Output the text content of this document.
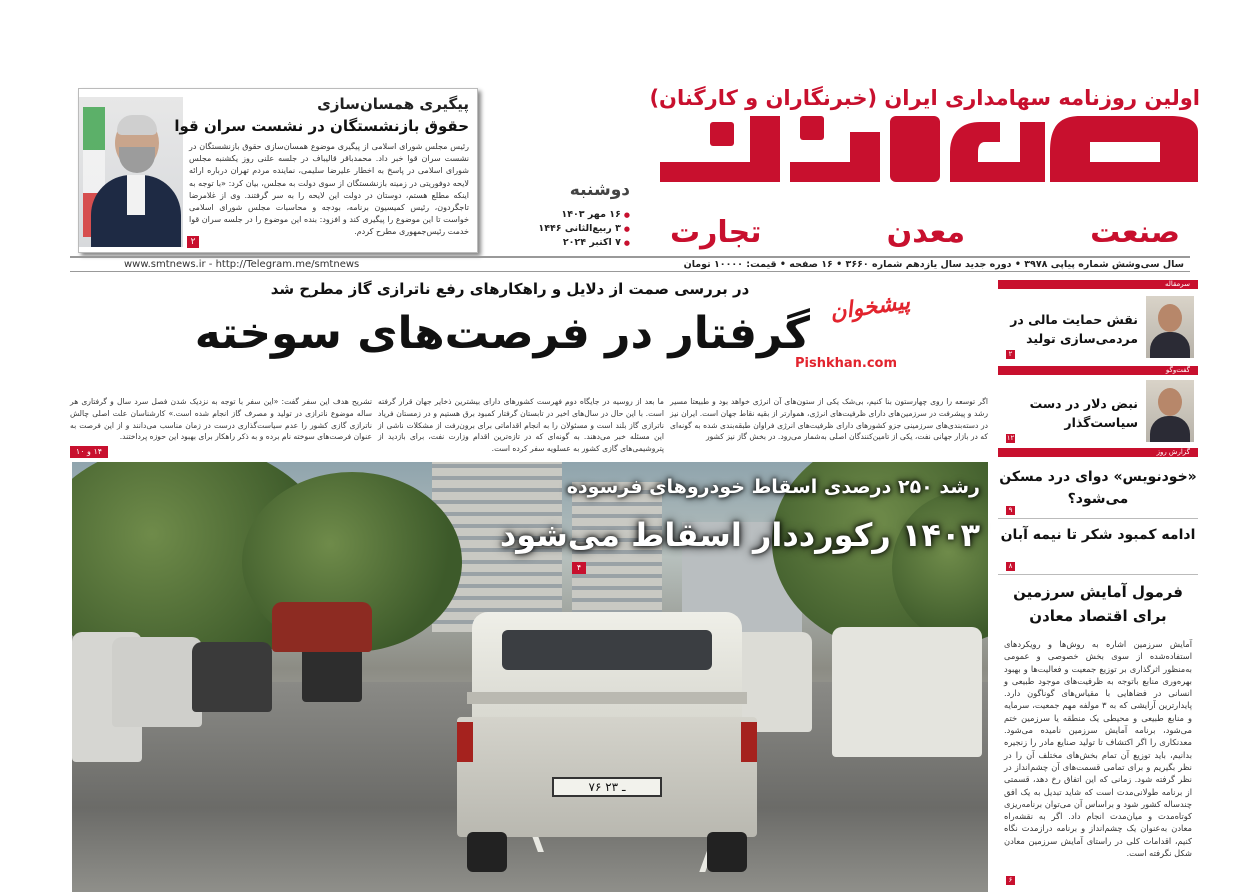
اولین روزنامه سهامداری ایران (خبرنگاران و کارگنان)
صنعت
معدن
تجارت
دوشنبه
● ۱۶ مهر ۱۴۰۳
● ۳ ربیع‌الثانی ۱۴۴۶
● ۷ اکتبر ۲۰۲۴
پیگیری همسان‌سازی
حقوق بازنشستگان در نشست سران قوا
رئیس مجلس شورای اسلامی از پیگیری موضوع همسان‌سازی حقوق بازنشستگان در نشست سران قوا خبر داد. محمدباقر قالیباف در جلسه علنی روز یکشنبه مجلس شورای اسلامی در پاسخ به اخطار علیرضا سلیمی، نماینده مردم تهران درباره ارائه لایحه دوفوریتی در زمینه بازنشستگان از سوی دولت به مجلس، بیان کرد: «با توجه به اینکه مطلع هستم، دوستان در دولت این لایحه را به سر گرفتند. وی از غلامرضا تاجگردون، رئیس کمیسیون برنامه، بودجه و محاسبات مجلس شورای اسلامی خواست تا این موضوع را پیگیری کند و افزود: بنده این موضوع را در جلسه سران قوا خدمت رئیس‌جمهوری مطرح کردم.
۲
سال سی‌وشش شماره پیاپی ۳۹۷۸ • دوره جدید سال یازدهم شماره ۳۶۶۰ • ۱۶ صفحه • قیمت: ۱۰۰۰۰ تومان
www.smtnews.ir - http://Telegram.me/smtnews
در بررسی صمت از دلایل و راهکارهای رفع ناترازی گاز مطرح شد
گرفتار در فرصت‌های سوخته
پیشخوان
Pishkhan.com
اگر توسعه را روی چهارستون بنا کنیم، بی‌شک یکی از ستون‌های آن انرژی خواهد بود و طبیعتا مسیر رشد و پیشرفت در سرزمین‌های دارای ظرفیت‌های انرژی، هموارتر از بقیه نقاط جهان است. ایران نیز در دسته‌بندی‌های سرزمینی جزو کشورهای دارای ظرفیت‌های انرژی فراوان طبقه‌بندی شده به گونه‌ای که در بازار جهانی نفت، یکی از تامین‌کنندگان اصلی به‌شمار می‌رود. در بخش گاز نیز کشور
ما بعد از روسیه در جایگاه دوم فهرست کشورهای دارای بیشترین ذخایر جهان قرار گرفته است. با این حال در سال‌های اخیر در تابستان گرفتار کمبود برق هستیم و در زمستان فریاد ناترازی گاز بلند است و مسئولان را به انجام اقداماتی برای برون‌رفت از مشکلات ناشی از این مسئله خبر می‌دهند. به گونه‌ای که در تازه‌ترین اقدام وزارت نفت، برای بازدید از پتروشیمی‌های گازی کشور به عسلویه سفر کرده است.
تشریح هدف این سفر گفت: «این سفر با توجه به نزدیک شدن فصل سرد سال و گرفتاری هر ساله موضوع ناترازی در تولید و مصرف گاز انجام شده است.» کارشناسان علت اصلی چالش ناترازی گازی کشور را عدم سیاست‌گذاری درست در زمان مناسب می‌دانند و از این فرصت به‌ عنوان فرصت‌های سوخته نام برده و به ذکر راهکار برای بهبود این حوزه پرداختند.
۱۴ و ۱۰
۷۶ ـ ۲۳
رشد ۲۵۰ درصدی اسقاط خودروهای فرسوده
۱۴۰۳ رکورددار اسقاط می‌شود
۴
سرمقاله
نقش حمایت مالی در مردمی‌سازی تولید
۲
گفت‌وگو
نبض دلار در دست سیاست‌گذار
۱۲
گزارش روز
«خودنویس» دوای درد مسکن می‌شود؟
۹
ادامه کمبود شکر تا نیمه آبان
۸
فرمول آمایش سرزمین برای اقتصاد معادن
آمایش سرزمین اشاره به روش‌ها و رویکردهای استفاده‌شده از سوی بخش خصوصی و عمومی به‌منظور اثرگذاری بر توزیع جمعیت و فعالیت‌ها و بهبود بهره‌وری منابع باتوجه به ظرفیت‌های موجود طبیعی و انسانی در فضاهایی با مقیاس‌های گوناگون دارد. پایدارترین آرایشی که به ۳ مولفه مهم جمعیت، سرمایه و منابع طبیعی و محیطی یک منطقه یا سرزمین ختم می‌شود، برنامه آمایش سرزمین نامیده می‌شود. معدنکاری را اگر اکتشاف تا تولید صنایع مادر را زنجیره بدانیم، باید توزیع آن تمام بخش‌های مختلف آن را در نظر بگیریم و برای تمامی قسمت‌های آن چشم‌انداز در نظر گرفته شود. زمانی که این اتفاق رخ دهد، قسمتی از برنامه طولانی‌مدت است که شاید تبدیل به یک افق چندساله کشور شود و براساس آن می‌توان برنامه‌ریزی کوتاه‌مدت و میان‌مدت انجام داد. اگر به نقشه‌راه معادن به‌عنوان یک چشم‌انداز و برنامه درازمدت نگاه کنیم، اقدامات کلی در راستای آمایش سرزمین معادن شکل نگرفته است.
۶
